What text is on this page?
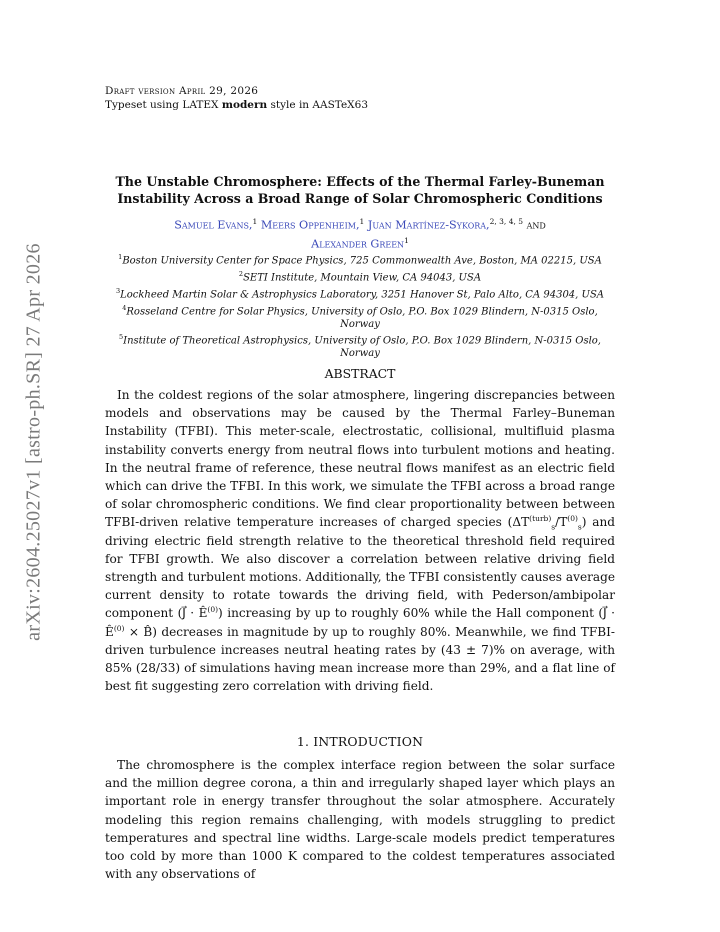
arXiv:2604.25027v1 [astro-ph.SR] 27 Apr 2026
Draft version April 29, 2026
Typeset using LATEX modern style in AASTeX63
The Unstable Chromosphere: Effects of the Thermal Farley-Buneman
Instability Across a Broad Range of Solar Chromospheric Conditions
Samuel Evans,$^1$ Meers Oppenheim,$^1$ Juan Martínez-Sykora,$^{2, 3, 4, 5}$ and
Alexander Green$^1$
$^1$Boston University Center for Space Physics, 725 Commonwealth Ave, Boston, MA 02215, USA
$^2$SETI Institute, Mountain View, CA 94043, USA
$^3$Lockheed Martin Solar & Astrophysics Laboratory, 3251 Hanover St, Palo Alto, CA 94304, USA
$^4$Rosseland Centre for Solar Physics, University of Oslo, P.O. Box 1029 Blindern, N-0315 Oslo, Norway
$^5$Institute of Theoretical Astrophysics, University of Oslo, P.O. Box 1029 Blindern, N-0315 Oslo, Norway
ABSTRACT
In the coldest regions of the solar atmosphere, lingering discrepancies between models and observations may be caused by the Thermal Farley–Buneman Instability (TFBI). This meter-scale, electrostatic, collisional, multifluid plasma instability converts energy from neutral flows into turbulent motions and heating. In the neutral frame of reference, these neutral flows manifest as an electric field which can drive the TFBI. In this work, we simulate the TFBI across a broad range of solar chromospheric conditions. We find clear proportionality between between TFBI-driven relative temperature increases of charged species $(\Delta T^{(turb)}_s/T^{(0)}_s)$ and driving electric field strength relative to the theoretical threshold field required for TFBI growth. We also discover a correlation between relative driving field strength and turbulent motions. Additionally, the TFBI consistently causes average current density to rotate towards the driving field, with Pederson/ambipolar component (J⃗ · $Ê^{(0)}$) increasing by up to roughly 60% while the Hall component (J⃗ · $Ê^{(0)}$ × B̂) decreases in magnitude by up to roughly 80%. Meanwhile, we find TFBI-driven turbulence increases neutral heating rates by (43 ± 7)% on average, with 85% (28/33) of simulations having mean increase more than 29%, and a flat line of best fit suggesting zero correlation with driving field.
1. INTRODUCTION
The chromosphere is the complex interface region between the solar surface and the million degree corona, a thin and irregularly shaped layer which plays an important role in energy transfer throughout the solar atmosphere. Accurately modeling this region remains challenging, with models struggling to predict temperatures and spectral line widths. Large-scale models predict temperatures too cold by more than 1000 K compared to the coldest temperatures associated with any observations of
